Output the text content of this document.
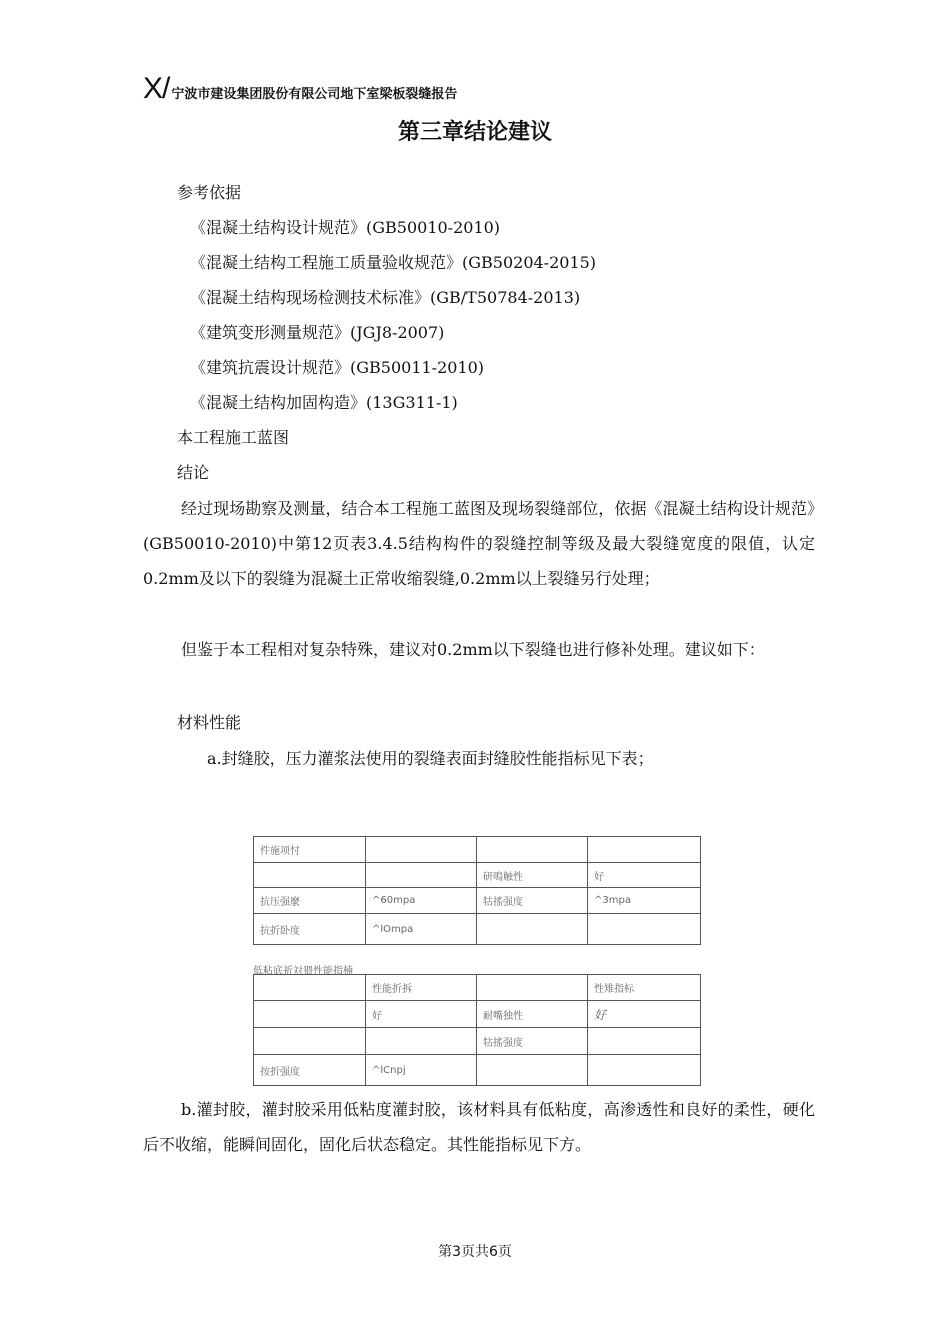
X/ 宁波市建设集团股份有限公司地下室梁板裂缝报告
第三章结论建议
参考依据
《混凝土结构设计规范》(GB50010-2010)
《混凝土结构工程施工质量验收规范》(GB50204-2015)
《混凝土结构现场检测技术标准》(GB/T50784-2013)
《建筑变形测量规范》(JGJ8-2007)
《建筑抗震设计规范》(GB50011-2010)
《混凝土结构加固构造》(13G311-1)
本工程施工蓝图
结论
经过现场勘察及测量，结合本工程施工蓝图及现场裂缝部位，依据《混凝土结构设计规范》(GB50010-2010)中第12页表3.4.5结构构件的裂缝控制等级及最大裂缝宽度的限值，认定0.2mm及以下的裂缝为混凝土正常收缩裂缝,0.2mm以上裂缝另行处理；
但鉴于本工程相对复杂特殊，建议对0.2mm以下裂缝也进行修补处理。建议如下：
材料性能
a.封缝胶，压力灌浆法使用的裂缝表面封缝胶性能指标见下表；
件施项忖			
		研鳴触性	好
抗压强麼	^60mpa	牯搖强度	^3mpa
抗折卧度	^lOmpa		
低粘底祈対猥性能指楠
	性能折拆		性雉指标
	好	耐嘴独性	好
		牯搖强度	
按折强度	^lCnpj		
b.灌封胶，灌封胶采用低粘度灌封胶，该材料具有低粘度，高渗透性和良好的柔性，硬化后不收缩，能瞬间固化，固化后状态稳定。其性能指标见下方。
第3页共6页
